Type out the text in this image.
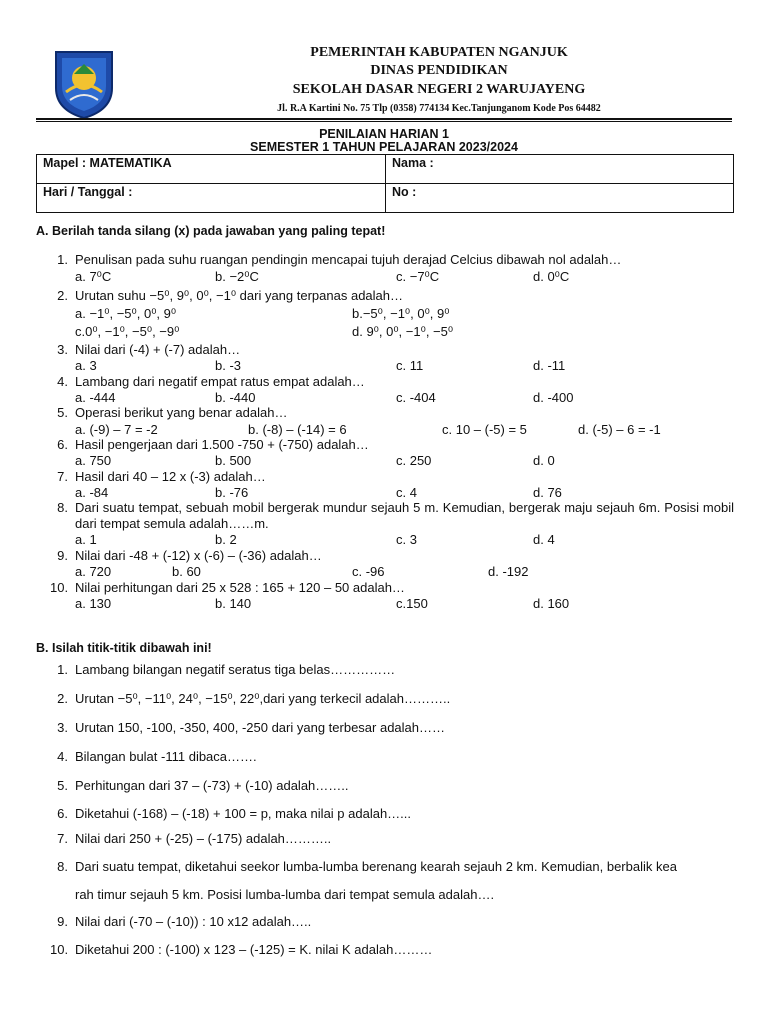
PEMERINTAH KABUPATEN NGANJUK
DINAS PENDIDIKAN
SEKOLAH DASAR NEGERI 2 WARUJAYENG
Jl. R.A Kartini No. 75 Tlp (0358) 774134 Kec.Tanjunganom Kode Pos 64482
PENILAIAN HARIAN 1
SEMESTER 1 TAHUN PELAJARAN 2023/2024
Mapel : MATEMATIKA	Nama :
Hari / Tanggal :	No :
A. Berilah tanda silang (x) pada jawaban yang paling tepat!
1. Penulisan pada suhu ruangan pendingin mencapai tujuh derajad Celcius dibawah nol adalah…
a. 7⁰C	b. −2⁰C	c. −7⁰C	d. 0⁰C
2. Urutan suhu −5⁰, 9⁰, 0⁰, −1⁰ dari yang terpanas adalah…
a. −1⁰, −5⁰, 0⁰, 9⁰	b.−5⁰, −1⁰, 0⁰, 9⁰
c.0⁰, −1⁰, −5⁰, −9⁰	d. 9⁰, 0⁰, −1⁰, −5⁰
3. Nilai dari (-4) + (-7) adalah…
a. 3	b. -3	c. 11	d. -11
4. Lambang dari negatif empat ratus empat adalah…
a. -444	b. -440	c. -404	d. -400
5. Operasi berikut yang benar adalah…
a. (-9) – 7 = -2	b. (-8) – (-14) = 6	c. 10 – (-5) = 5	d. (-5) – 6 = -1
6. Hasil pengerjaan dari 1.500 -750 + (-750) adalah…
a. 750	b. 500	c. 250	d. 0
7. Hasil dari 40 – 12 x (-3) adalah…
a. -84	b. -76	c. 4	d. 76
8. Dari suatu tempat, sebuah mobil bergerak mundur sejauh 5 m. Kemudian, bergerak maju sejauh 6m. Posisi mobil dari tempat semula adalah……m.
a. 1	b. 2	c. 3	d. 4
9. Nilai dari -48 + (-12) x (-6) – (-36) adalah…
a. 720	b. 60	c. -96	d. -192
10. Nilai perhitungan dari 25 x 528 : 165 + 120 – 50 adalah…
a. 130	b. 140	c.150	d. 160
B. Isilah titik-titik dibawah ini!
1. Lambang bilangan negatif seratus tiga belas……………
2. Urutan −5⁰, −11⁰, 24⁰, −15⁰, 22⁰,dari yang terkecil adalah………..
3. Urutan 150, -100, -350, 400, -250 dari yang terbesar adalah……
4. Bilangan bulat -111 dibaca…….
5. Perhitungan dari 37 – (-73) + (-10) adalah……..
6. Diketahui (-168) – (-18) + 100 = p, maka nilai p adalah…...
7. Nilai dari 250 + (-25) – (-175) adalah………..
8. Dari suatu tempat, diketahui seekor lumba-lumba berenang kearah sejauh 2 km. Kemudian, berbalik kea
rah timur sejauh 5 km. Posisi lumba-lumba dari tempat semula adalah….
9. Nilai dari (-70 – (-10)) : 10 x12 adalah…..
10. Diketahui 200 : (-100) x 123 – (-125) = K. nilai K adalah………
